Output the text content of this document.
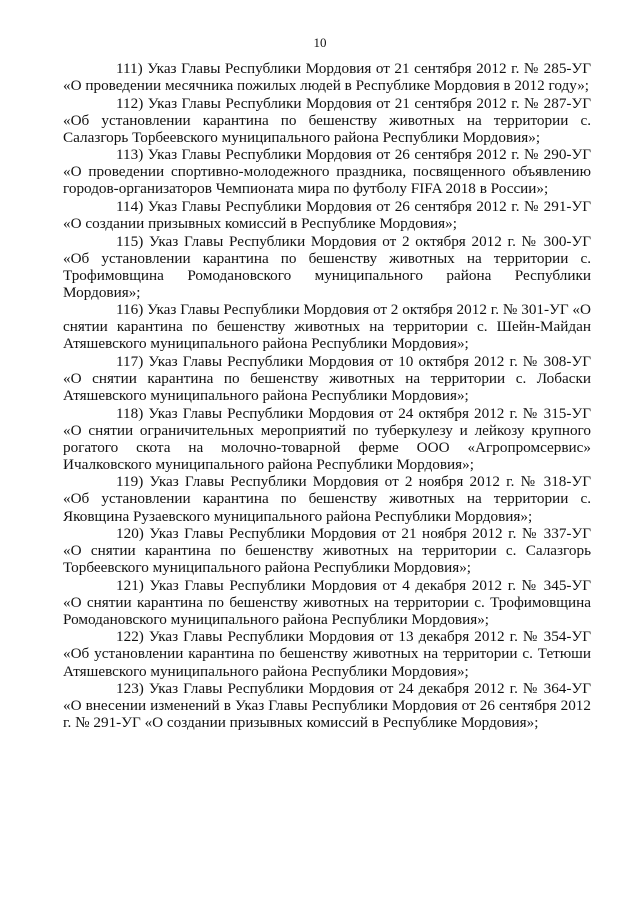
10

111) Указ Главы Республики Мордовия от 21 сентября 2012 г. № 285-УГ «О проведении месячника пожилых людей в Республике Мордовия в 2012 году»;

112) Указ Главы Республики Мордовия от 21 сентября 2012 г. № 287-УГ «Об установлении карантина по бешенству животных на территории с. Салазгорь Торбеевского муниципального района Республики Мордовия»;

113) Указ Главы Республики Мордовия от 26 сентября 2012 г. № 290-УГ «О проведении спортивно-молодежного праздника, посвященного объявлению городов-организаторов Чемпионата мира по футболу FIFA 2018 в России»;

114) Указ Главы Республики Мордовия от 26 сентября 2012 г. № 291-УГ «О создании призывных комиссий в Республике Мордовия»;

115) Указ Главы Республики Мордовия от 2 октября 2012 г. № 300-УГ «Об установлении карантина по бешенству животных на территории с. Трофимовщина Ромодановского муниципального района Республики Мордовия»;

116) Указ Главы Республики Мордовия от 2 октября 2012 г. № 301-УГ «О снятии карантина по бешенству животных на территории с. Шейн-Майдан Атяшевского муниципального района Республики Мордовия»;

117) Указ Главы Республики Мордовия от 10 октября 2012 г. № 308-УГ «О снятии карантина по бешенству животных на территории с. Лобаски Атяшевского муниципального района Республики Мордовия»;

118) Указ Главы Республики Мордовия от 24 октября 2012 г. № 315-УГ «О снятии ограничительных мероприятий по туберкулезу и лейкозу крупного рогатого скота на молочно-товарной ферме ООО «Агропромсервис» Ичалковского муниципального района Республики Мордовия»;

119) Указ Главы Республики Мордовия от 2 ноября 2012 г. № 318-УГ «Об установлении карантина по бешенству животных на территории с. Яковщина Рузаевского муниципального района Республики Мордовия»;

120) Указ Главы Республики Мордовия от 21 ноября 2012 г. № 337-УГ «О снятии карантина по бешенству животных на территории с. Салазгорь Торбеевского муниципального района Республики Мордовия»;

121) Указ Главы Республики Мордовия от 4 декабря 2012 г. № 345-УГ «О снятии карантина по бешенству животных на территории с. Трофимовщина Ромодановского муниципального района Республики Мордовия»;

122) Указ Главы Республики Мордовия от 13 декабря 2012 г. № 354-УГ «Об установлении карантина по бешенству животных на территории с. Тетюши Атяшевского муниципального района Республики Мордовия»;

123) Указ Главы Республики Мордовия от 24 декабря 2012 г. № 364-УГ «О внесении изменений в Указ Главы Республики Мордовия от 26 сентября 2012 г. № 291-УГ «О создании призывных комиссий в Республике Мордовия»;
